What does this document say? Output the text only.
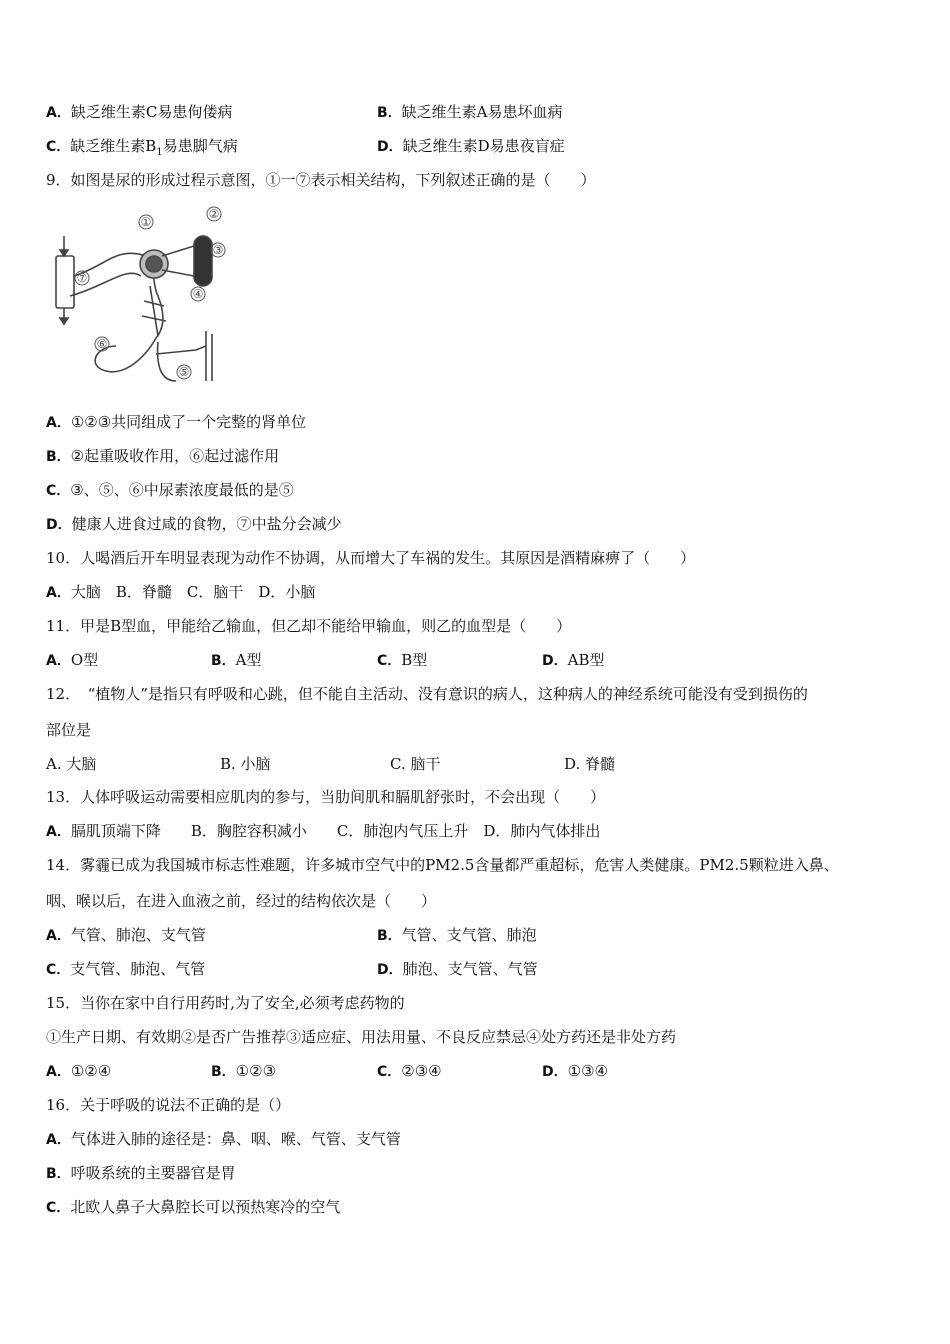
A．缺乏维生素C易患佝偻病	B．缺乏维生素A易患坏血病
C．缺乏维生素$B_1$易患脚气病	D．缺乏维生素D易患夜盲症
9．如图是尿的形成过程示意图，①一⑦表示相关结构，下列叙述正确的是（　　）
①
②
③
④
⑤
⑥
⑦
A．①②③共同组成了一个完整的肾单位
B．②起重吸收作用，⑥起过滤作用
C．③、⑤、⑥中尿素浓度最低的是⑤
D．健康人进食过咸的食物，⑦中盐分会减少
10．人喝酒后开车明显表现为动作不协调，从而增大了车祸的发生。其原因是酒精麻痹了（　　）
A．大脑　B．脊髓　C．脑干　D．小脑
11．甲是B型血，甲能给乙输血，但乙却不能给甲输血，则乙的血型是（　　）
A．O型	B．A型	C．B型	D．AB型
12．　“植物人”是指只有呼吸和心跳，但不能自主活动、没有意识的病人，这种病人的神经系统可能没有受到损伤的
部位是
A. 大脑	B. 小脑	C. 脑干	D. 脊髓
13．人体呼吸运动需要相应肌肉的参与，当肋间肌和膈肌舒张时，不会出现（　　）
A．膈肌顶端下降　　B．胸腔容积减小　　C．肺泡内气压上升　D．肺内气体排出
14．雾霾已成为我国城市标志性难题，许多城市空气中的PM2.5含量都严重超标，危害人类健康。PM2.5颗粒进入鼻、
咽、喉以后，在进入血液之前，经过的结构依次是（　　）
A．气管、肺泡、支气管	B．气管、支气管、肺泡
C．支气管、肺泡、气管	D．肺泡、支气管、气管
15．当你在家中自行用药时,为了安全,必须考虑药物的
①生产日期、有效期②是否广告推荐③适应症、用法用量、不良反应禁忌④处方药还是非处方药
A．①②④	B．①②③	C．②③④	D．①③④
16．关于呼吸的说法不正确的是（）
A．气体进入肺的途径是：鼻、咽、喉、气管、支气管
B．呼吸系统的主要器官是胃
C．北欧人鼻子大鼻腔长可以预热寒冷的空气
